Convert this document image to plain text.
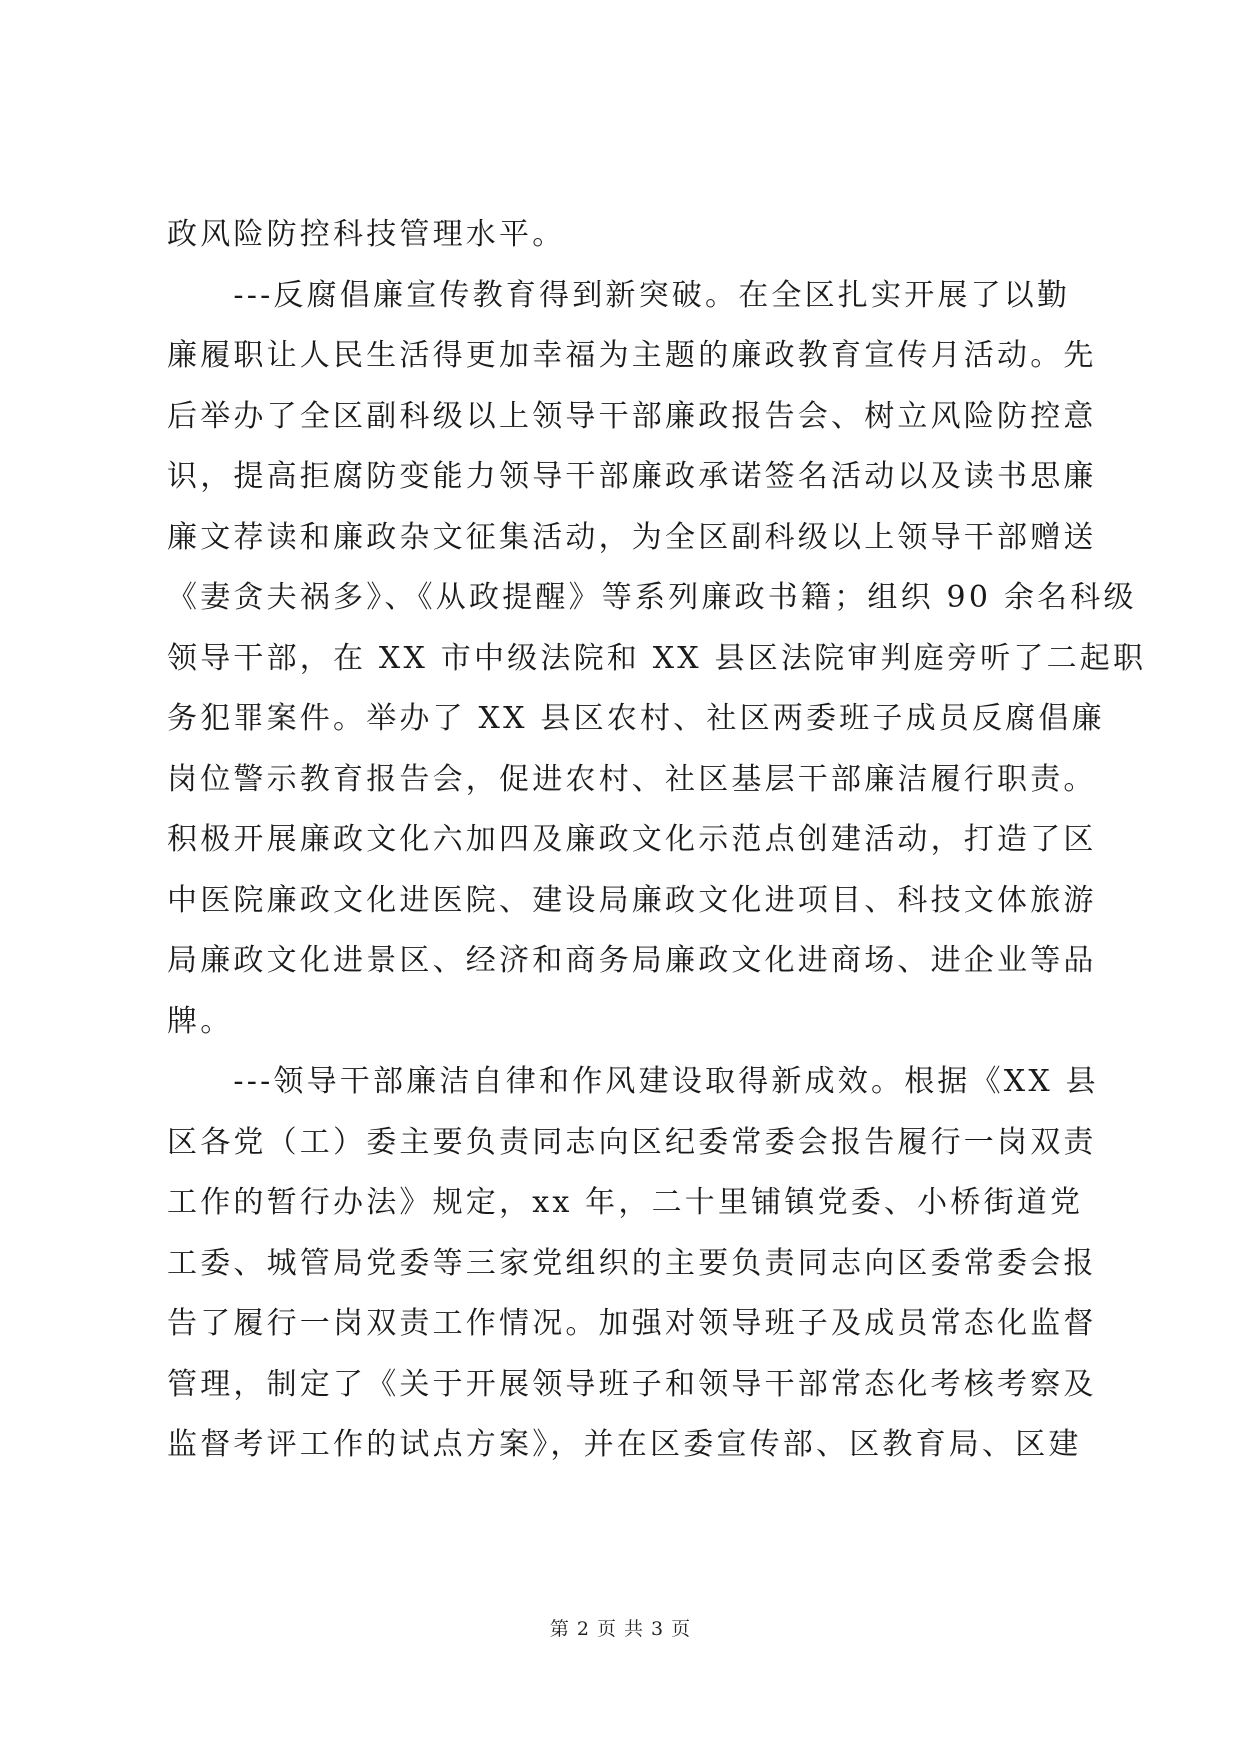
政风险防控科技管理水平。
　　---反腐倡廉宣传教育得到新突破。在全区扎实开展了以勤
廉履职让人民生活得更加幸福为主题的廉政教育宣传月活动。先
后举办了全区副科级以上领导干部廉政报告会、树立风险防控意
识，提高拒腐防变能力领导干部廉政承诺签名活动以及读书思廉
廉文荐读和廉政杂文征集活动，为全区副科级以上领导干部赠送
《妻贪夫祸多》、《从政提醒》等系列廉政书籍；组织 90 余名科级
领导干部，在 XX 市中级法院和 XX 县区法院审判庭旁听了二起职
务犯罪案件。举办了 XX 县区农村、社区两委班子成员反腐倡廉
岗位警示教育报告会，促进农村、社区基层干部廉洁履行职责。
积极开展廉政文化六加四及廉政文化示范点创建活动，打造了区
中医院廉政文化进医院、建设局廉政文化进项目、科技文体旅游
局廉政文化进景区、经济和商务局廉政文化进商场、进企业等品
牌。
　　---领导干部廉洁自律和作风建设取得新成效。根据《XX 县
区各党（工）委主要负责同志向区纪委常委会报告履行一岗双责
工作的暂行办法》规定，xx 年，二十里铺镇党委、小桥街道党
工委、城管局党委等三家党组织的主要负责同志向区委常委会报
告了履行一岗双责工作情况。加强对领导班子及成员常态化监督
管理，制定了《关于开展领导班子和领导干部常态化考核考察及
监督考评工作的试点方案》，并在区委宣传部、区教育局、区建
第 2 页 共 3 页
